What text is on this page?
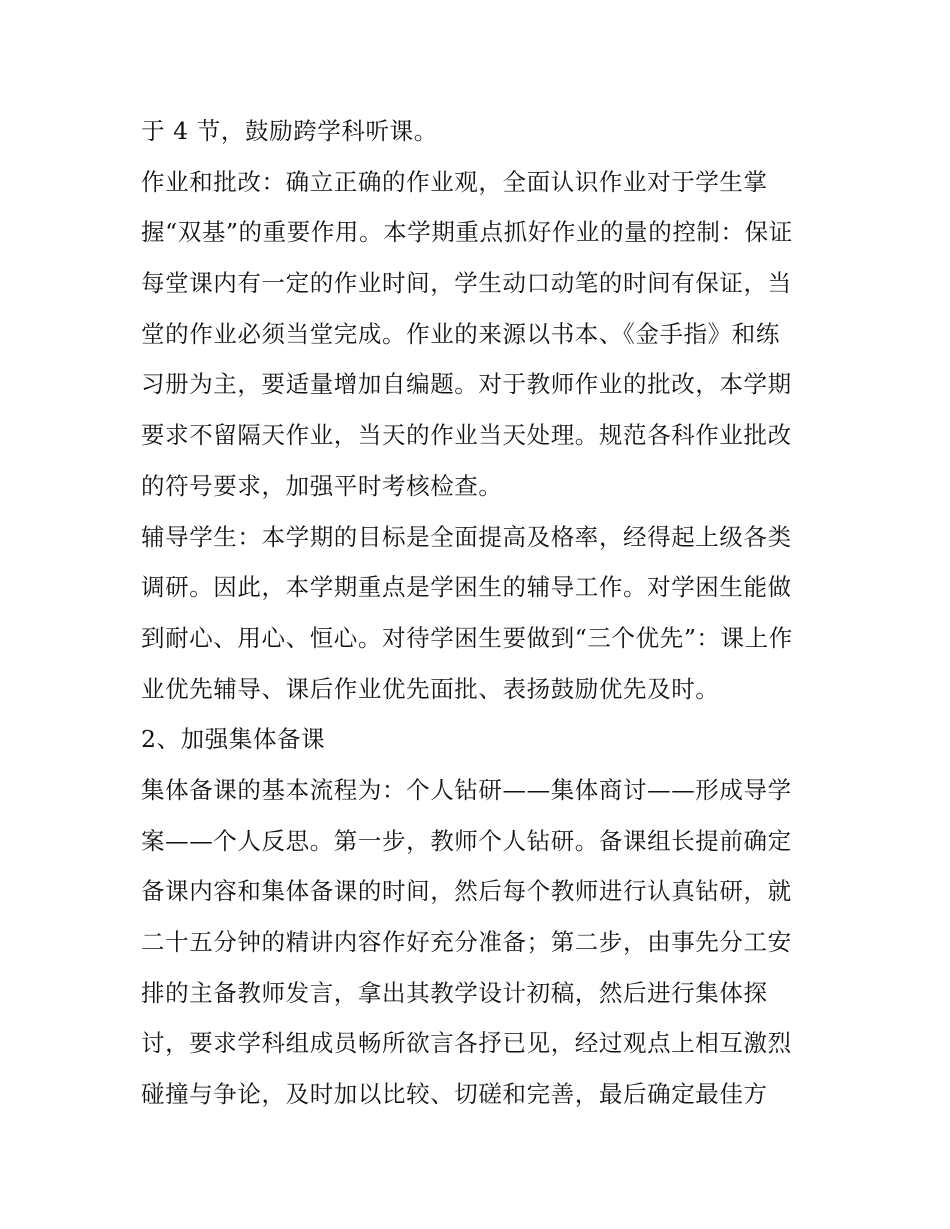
于 4 节，鼓励跨学科听课。
作业和批改：确立正确的作业观，全面认识作业对于学生掌
握“双基”的重要作用。本学期重点抓好作业的量的控制：保证
每堂课内有一定的作业时间，学生动口动笔的时间有保证，当
堂的作业必须当堂完成。作业的来源以书本、《金手指》和练
习册为主，要适量增加自编题。对于教师作业的批改，本学期
要求不留隔天作业，当天的作业当天处理。规范各科作业批改
的符号要求，加强平时考核检查。
辅导学生：本学期的目标是全面提高及格率，经得起上级各类
调研。因此，本学期重点是学困生的辅导工作。对学困生能做
到耐心、用心、恒心。对待学困生要做到“三个优先”：课上作
业优先辅导、课后作业优先面批、表扬鼓励优先及时。
2、加强集体备课
集体备课的基本流程为：个人钻研——集体商讨——形成导学
案——个人反思。第一步，教师个人钻研。备课组长提前确定
备课内容和集体备课的时间，然后每个教师进行认真钻研，就
二十五分钟的精讲内容作好充分准备；第二步，由事先分工安
排的主备教师发言，拿出其教学设计初稿，然后进行集体探
讨，要求学科组成员畅所欲言各抒已见，经过观点上相互激烈
碰撞与争论，及时加以比较、切磋和完善，最后确定最佳方
